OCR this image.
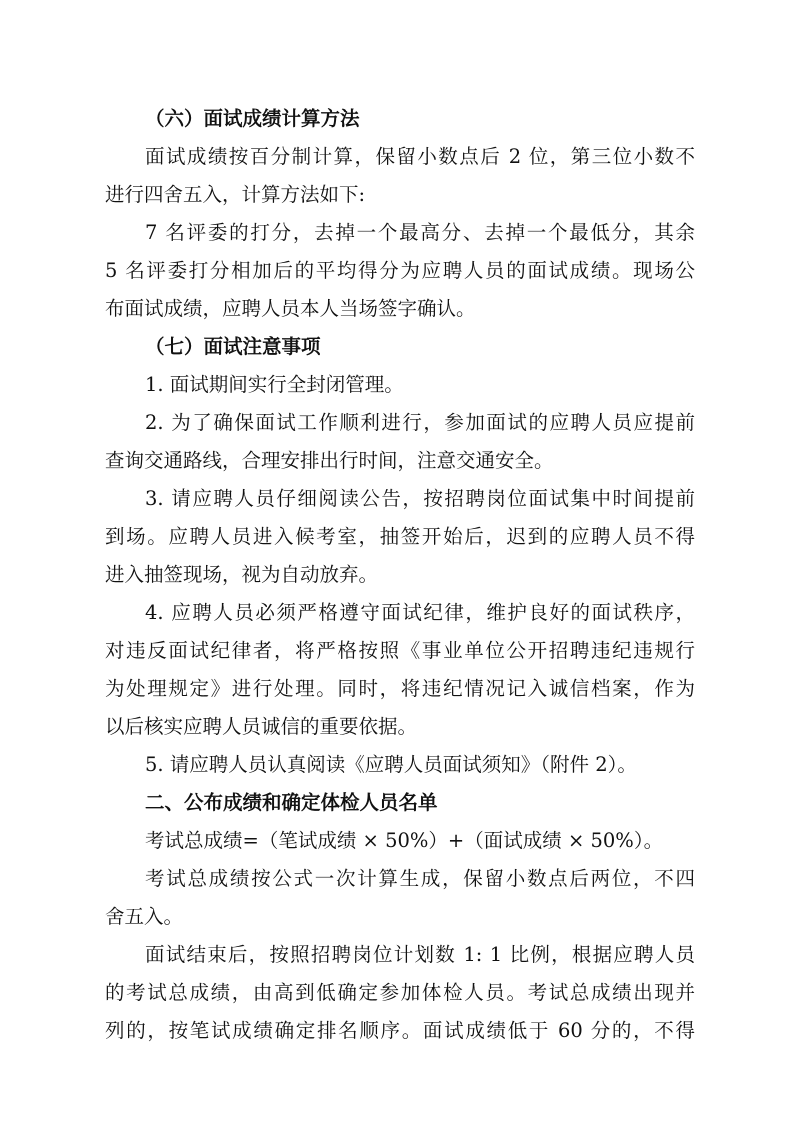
（六）面试成绩计算方法
面试成绩按百分制计算，保留小数点后 2 位，第三位小数不
进行四舍五入，计算方法如下:
7 名评委的打分，去掉一个最高分、去掉一个最低分，其余
5 名评委打分相加后的平均得分为应聘人员的面试成绩。现场公
布面试成绩，应聘人员本人当场签字确认。
（七）面试注意事项
1. 面试期间实行全封闭管理。
2. 为了确保面试工作顺利进行，参加面试的应聘人员应提前
查询交通路线，合理安排出行时间，注意交通安全。
3. 请应聘人员仔细阅读公告，按招聘岗位面试集中时间提前
到场。应聘人员进入候考室，抽签开始后，迟到的应聘人员不得
进入抽签现场，视为自动放弃。
4. 应聘人员必须严格遵守面试纪律，维护良好的面试秩序，
对违反面试纪律者，将严格按照《事业单位公开招聘违纪违规行
为处理规定》进行处理。同时，将违纪情况记入诚信档案，作为
以后核实应聘人员诚信的重要依据。
5. 请应聘人员认真阅读《应聘人员面试须知》（附件 2）。
二、公布成绩和确定体检人员名单
考试总成绩=（笔试成绩 × 50%）+（面试成绩 × 50%）。
考试总成绩按公式一次计算生成，保留小数点后两位，不四
舍五入。
面试结束后，按照招聘岗位计划数 1: 1 比例，根据应聘人员
的考试总成绩，由高到低确定参加体检人员。考试总成绩出现并
列的，按笔试成绩确定排名顺序。面试成绩低于 60 分的，不得
